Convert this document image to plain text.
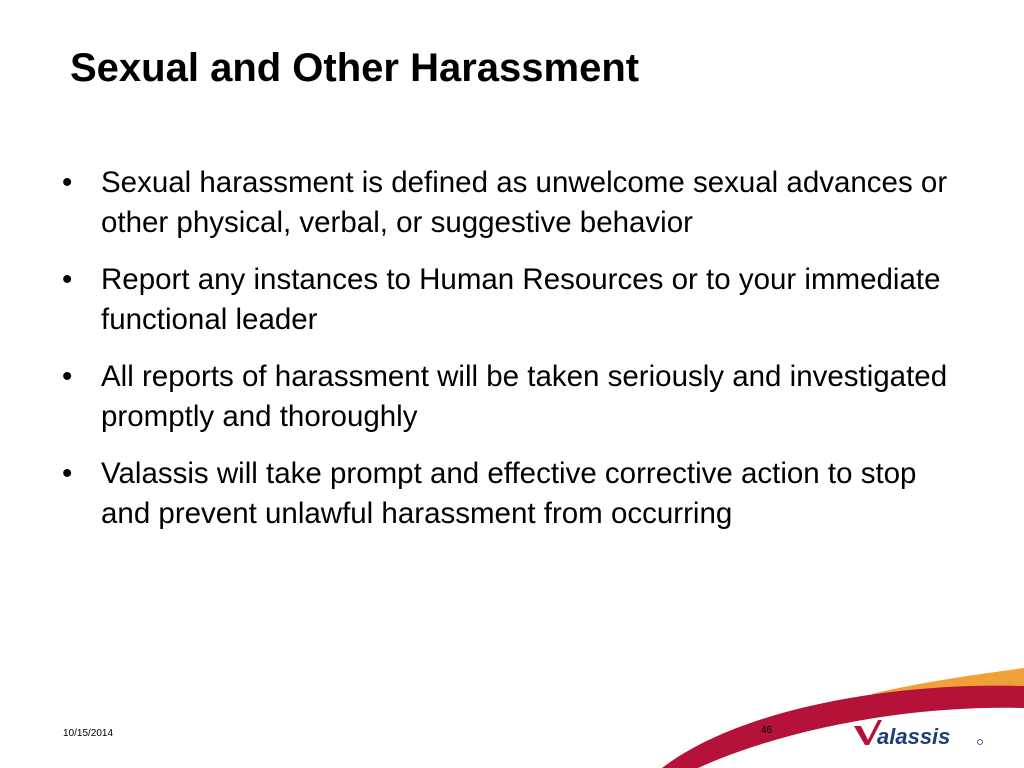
Sexual and Other Harassment
• Sexual harassment is defined as unwelcome sexual advances or other physical, verbal, or suggestive behavior
• Report any instances to Human Resources or to your immediate functional leader
• All reports of harassment will be taken seriously and investigated promptly and thoroughly
• Valassis will take prompt and effective corrective action to stop and prevent unlawful harassment from occurring
10/15/2014	46	alassis
